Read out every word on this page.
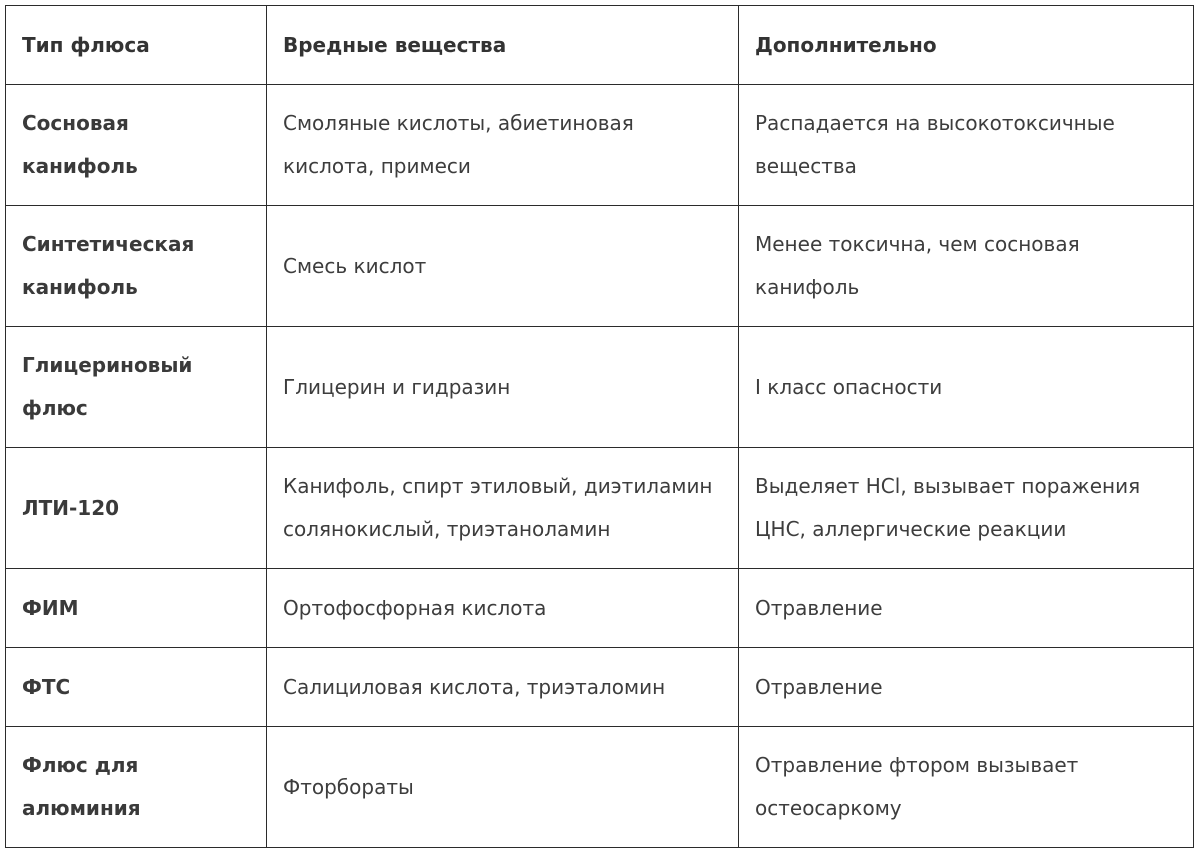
Тип флюса	Вредные вещества	Дополнительно
Сосновая канифоль	Смоляные кислоты, абиетиновая кислота, примеси	Распадается на высокотоксичные вещества
Синтетическая канифоль	Смесь кислот	Менее токсична, чем сосновая канифоль
Глицериновый флюс	Глицерин и гидразин	I класс опасности
ЛТИ-120	Канифоль, спирт этиловый, диэтиламин солянокислый, триэтаноламин	Выделяет HCl, вызывает поражения ЦНС, аллергические реакции
ФИМ	Ортофосфорная кислота	Отравление
ФТС	Салициловая кислота, триэталомин	Отравление
Флюс для алюминия	Фторбораты	Отравление фтором вызывает остеосаркому
